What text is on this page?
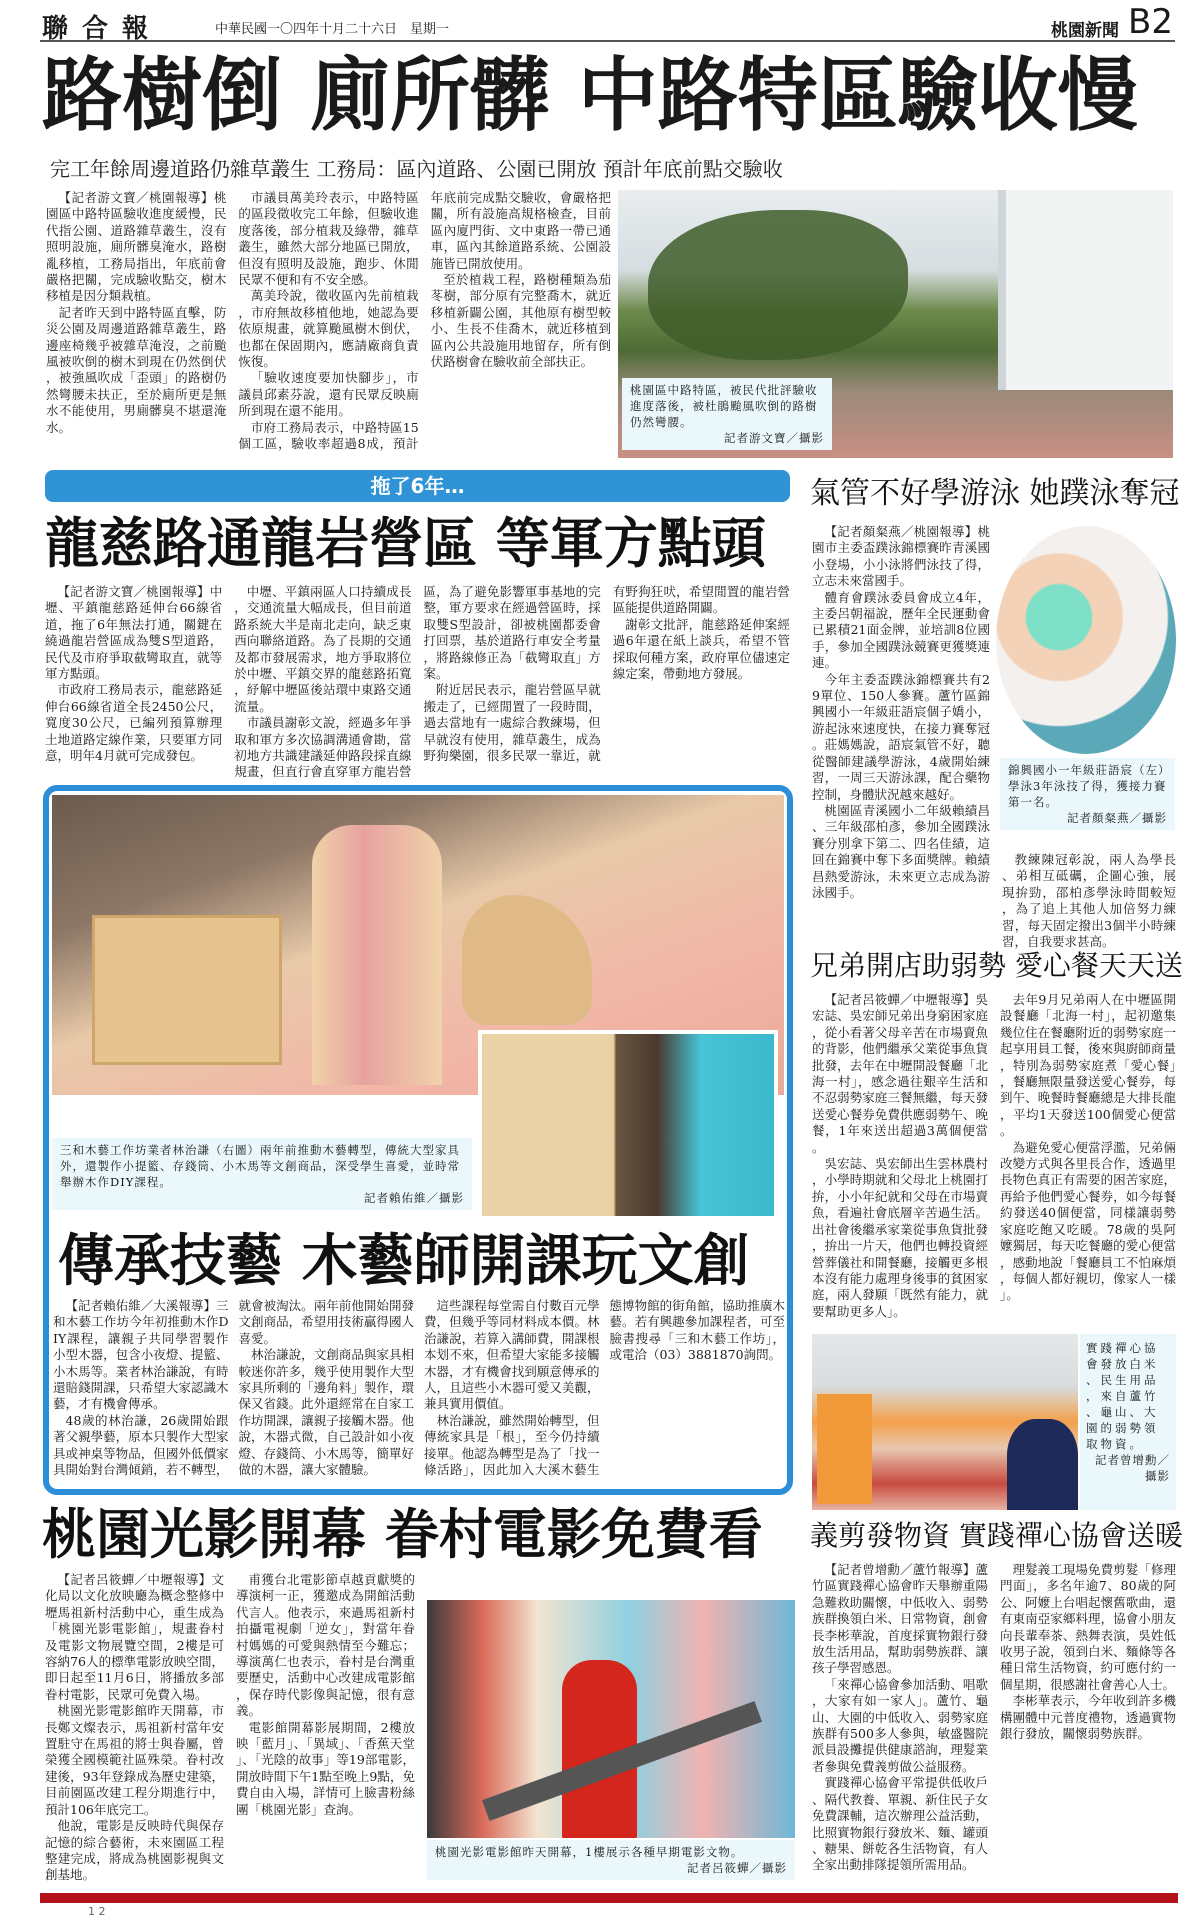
聯合報	中華民國一〇四年十月二十六日　星期一	桃園新聞 B2
路樹倒 廁所髒 中路特區驗收慢
完工年餘周邊道路仍雜草叢生 工務局：區內道路、公園已開放 預計年底前點交驗收

【記者游文寶／桃園報導】桃園區中路特區驗收進度緩慢，民代指公園、道路雜草叢生，沒有照明設施，廁所髒臭淹水，路樹亂移植，工務局指出，年底前會嚴格把關，完成驗收點交，樹木移植是因分類栽植。

記者昨天到中路特區直擊，防災公園及周邊道路雜草叢生，路邊座椅幾乎被雜草淹沒，之前颱風被吹倒的樹木到現在仍然倒伏，被強風吹成「歪頭」的路樹仍然彎腰未扶正，至於廁所更是無水不能使用，男廁髒臭不堪還淹水。

市議員萬美玲表示，中路特區的區段徵收完工年餘，但驗收進度落後，部分植栽及綠帶，雜草叢生，雖然大部分地區已開放，但沒有照明及設施，跑步、休閒民眾不便和有不安全感。

萬美玲說，徵收區內先前植栽，市府無故移植他地，她認為要依原規畫，就算颱風樹木倒伏，也都在保固期內，應請廠商負責恢復。

「驗收速度要加快腳步」，市議員邱素芬說，還有民眾反映廁所到現在還不能用。

市府工務局表示，中路特區15個工區，驗收率超過8成，預計年底前完成點交驗收，會嚴格把關，所有設施高規格檢查，目前區內廈門街、文中東路一帶已通車，區內其餘道路系統、公園設施皆已開放使用。

至於植栽工程，路樹種類為茄苳樹，部分原有完整喬木，就近移植新闢公園，其他原有樹型較小、生長不佳喬木，就近移植到區內公共設施用地留存，所有倒伏路樹會在驗收前全部扶正。

桃園區中路特區，被民代批評驗收進度落後，被杜鵑颱風吹倒的路樹仍然彎腰。
記者游文寶／攝影
拖了6年…
龍慈路通龍岩營區 等軍方點頭

【記者游文寶／桃園報導】中壢、平鎮龍慈路延伸台66線省道，拖了6年無法打通，關鍵在繞過龍岩營區成為雙S型道路，民代及市府爭取截彎取直，就等軍方點頭。

市政府工務局表示，龍慈路延伸台66線省道全長2450公尺，寬度30公尺，已編列預算辦理土地道路定線作業，只要軍方同意，明年4月就可完成發包。

中壢、平鎮兩區人口持續成長，交通流量大幅成長，但目前道路系統大半是南北走向，缺乏東西向聯絡道路。為了長期的交通及都市發展需求，地方爭取將位於中壢、平鎮交界的龍慈路拓寬，紓解中壢區後站環中東路交通流量。

市議員謝彰文說，經過多年爭取和軍方多次協調溝通會勘，當初地方共識建議延伸路段採直線規畫，但直行會直穿軍方龍岩營區，為了避免影響軍事基地的完整，軍方要求在經過營區時，採取雙S型設計，卻被桃園都委會打回票，基於道路行車安全考量，將路線修正為「截彎取直」方案。

附近居民表示，龍岩營區早就搬走了，已經閒置了一段時間，過去當地有一處綜合教練場，但早就沒有使用，雜草叢生，成為野狗樂園，很多民眾一靠近，就有野狗狂吠，希望閒置的龍岩營區能提供道路開闢。

謝彰文批評，龍慈路延伸案經過6年還在紙上談兵，希望不管採取何種方案，政府單位儘速定線定案，帶動地方發展。

三和木藝工作坊業者林治謙（右圖）兩年前推動木藝轉型，傳統大型家具外，還製作小提籃、存錢筒、小木馬等文創商品，深受學生喜愛，並時常舉辦木作DIY課程。
記者賴佑維／攝影
傳承技藝 木藝師開課玩文創

【記者賴佑維／大溪報導】三和木藝工作坊今年初推動木作DIY課程，讓親子共同學習製作小型木器，包含小夜燈、提籃、小木馬等。業者林治謙說，有時還賠錢開課，只希望大家認識木藝，才有機會傳承。

48歲的林治謙，26歲開始跟著父親學藝，原本只製作大型家具或神桌等物品，但國外低價家具開始對台灣傾銷，若不轉型，就會被淘汰。兩年前他開始開發文創商品，希望用技術贏得國人喜愛。

林治謙說，文創商品與家具相較迷你許多，幾乎使用製作大型家具所剩的「邊角料」製作，環保又省錢。此外還經常在自家工作坊開課，讓親子接觸木器。他說，木器式微，自己設計如小夜燈、存錢筒、小木馬等，簡單好做的木器，讓大家體驗。

這些課程每堂需自付數百元學費，但幾乎等同材料成本價。林治謙說，若算入講師費，開課根本划不來，但希望大家能多接觸木器，才有機會找到願意傳承的人，且這些小木器可愛又美觀，兼具實用價值。

林治謙說，雖然開始轉型，但傳統家具是「根」，至今仍持續接單。他認為轉型是為了「找一條活路」，因此加入大溪木藝生態博物館的街角館，協助推廣木藝。若有興趣參加課程者，可至臉書搜尋「三和木藝工作坊」，或電洽（03）3881870詢問。

桃園光影開幕 眷村電影免費看

【記者呂筱蟬／中壢報導】文化局以文化放映廳為概念整修中壢馬祖新村活動中心，重生成為「桃園光影電影館」，規畫眷村及電影文物展覽空間，2樓是可容納76人的標準電影放映空間，即日起至11月6日，將播放多部眷村電影，民眾可免費入場。

桃園光影電影館昨天開幕，市長鄭文燦表示，馬祖新村當年安置駐守在馬祖的將士與眷屬，曾榮獲全國模範社區殊榮。眷村改建後，93年登錄成為歷史建築，目前園區改建工程分期進行中，預計106年底完工。

他說，電影是反映時代與保存記憶的綜合藝術，未來園區工程整建完成，將成為桃園影視與文創基地。

甫獲台北電影節卓越貢獻獎的導演柯一正，獲邀成為開館活動代言人。他表示，來過馬祖新村拍攝電視劇「逆女」，對當年眷村媽媽的可愛與熱情至今難忘；導演萬仁也表示，眷村是台灣重要歷史，活動中心改建成電影館，保存時代影像與記憶，很有意義。

電影館開幕影展期間，2樓放映「藍月」、「異域」、「香蕉天堂」、「光陰的故事」等19部電影，開放時間下午1點至晚上9點，免費自由入場，詳情可上臉書粉絲團「桃園光影」查詢。

桃園光影電影館昨天開幕，1樓展示各種早期電影文物。
記者呂筱蟬／攝影
氣管不好學游泳 她蹼泳奪冠
錦興國小一年級莊語宸（左）學泳3年泳技了得，獲接力賽第一名。
記者顏粲燕／攝影

【記者顏粲燕／桃園報導】桃園市主委盃蹼泳錦標賽昨青溪國小登場，小小泳將們泳技了得，立志未來當國手。

體育會蹼泳委員會成立4年，主委呂朝福說，歷年全民運動會已累積21面金牌，並培訓8位國手，參加全國蹼泳競賽更獲獎連連。

今年主委盃蹼泳錦標賽共有29單位、150人參賽。蘆竹區錦興國小一年級莊語宸個子嬌小，游起泳來速度快，在接力賽奪冠。莊媽媽說，語宸氣管不好，聽從醫師建議學游泳，4歲開始練習，一周三天游泳課，配合藥物控制，身體狀況越來越好。

桃園區青溪國小二年級賴績昌、三年級邵柏彥，參加全國蹼泳賽分別拿下第二、四名佳績，這回在錦賽中奪下多面獎牌。賴績昌熱愛游泳，未來更立志成為游泳國手。

教練陳冠彰說，兩人為學長、弟相互砥礪，企圖心強，展現拚勁，邵柏彥學泳時間較短，為了追上其他人加倍努力練習，每天固定撥出3個半小時練習，自我要求甚高。

兄弟開店助弱勢 愛心餐天天送

【記者呂筱蟬／中壢報導】吳宏誌、吳宏師兄弟出身窮困家庭，從小看著父母辛苦在市場賣魚的背影，他們繼承父業從事魚貨批發，去年在中壢開設餐廳「北海一村」，感念過往艱辛生活和不忍弱勢家庭三餐無繼，每天發送愛心餐券免費供應弱勢午、晚餐，1年來送出超過3萬個便當。

吳宏誌、吳宏師出生雲林農村，小學時期就和父母北上桃園打拚，小小年紀就和父母在市場賣魚，看遍社會底層辛苦過生活。出社會後繼承家業從事魚貨批發，拚出一片天，他們也轉投資經營葬儀社和開餐廳，接觸更多根本沒有能力處理身後事的貧困家庭，兩人發願「既然有能力，就要幫助更多人」。

去年9月兄弟兩人在中壢區開設餐廳「北海一村」，起初邀集幾位住在餐廳附近的弱勢家庭一起享用員工餐，後來與廚師商量，特別為弱勢家庭煮「愛心餐」，餐廳無限量發送愛心餐券，每到午、晚餐時餐廳總是大排長龍，平均1天發送100個愛心便當。

為避免愛心便當浮濫，兄弟倆改變方式與各里長合作，透過里長物色真正有需要的困苦家庭，再給予他們愛心餐券，如今每餐約發送40個便當，同樣讓弱勢家庭吃飽又吃暖。78歲的吳阿嬤獨居，每天吃餐廳的愛心便當，感動地說「餐廳員工不怕麻煩，每個人都好親切，像家人一樣」。

實踐禪心協會發放白米、民生用品，來自蘆竹、龜山、大園的弱勢領取物資。
記者曾增勳／攝影
義剪發物資 實踐禪心協會送暖

【記者曾增勳／蘆竹報導】蘆竹區實踐禪心協會昨天舉辦重陽急難救助關懷，中低收入、弱勢族群換領白米、日常物資，創會長李彬華說，首度採實物銀行發放生活用品，幫助弱勢族群、讓孩子學習感恩。

「來禪心協會參加活動、唱歌，大家有如一家人」。蘆竹、龜山、大園的中低收入、弱勢家庭族群有500多人參與，敏盛醫院派員設攤提供健康諮詢，理髮業者參與免費義剪做公益服務。

實踐禪心協會平常提供低收戶、隔代教養、單親、新住民子女免費課輔，這次辦理公益活動，比照實物銀行發放米、麵、罐頭、糖果、餅乾各生活物資，有人全家出動排隊提領所需用品。

理髮義工現場免費剪髮「修理門面」，多名年逾7、80歲的阿公、阿嬤上台唱起懷舊歌曲，還有東南亞家鄉料理，協會小朋友向長輩奉茶、熱舞表演，吳姓低收男子說，領到白米、麵條等各種日常生活物資，約可應付約一個星期，很感謝社會善心人士。

李彬華表示，今年收到許多機構團體中元普度禮物，透過實物銀行發放，關懷弱勢族群。

1 2
